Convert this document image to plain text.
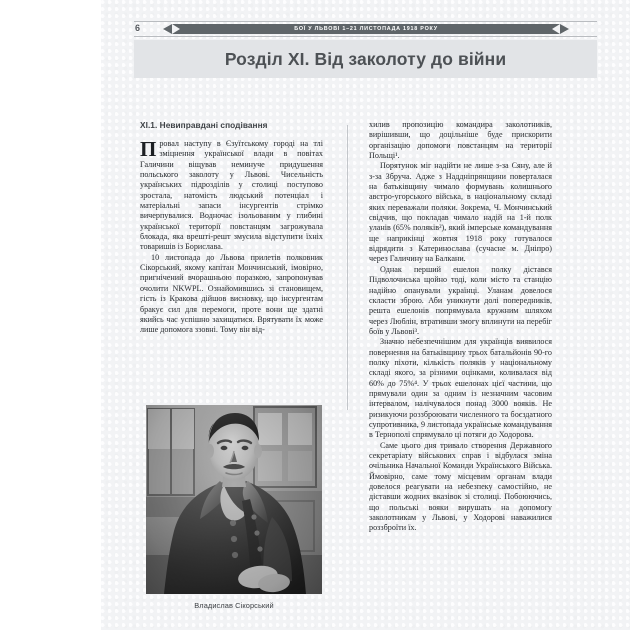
6	БОЇ У ЛЬВОВІ 1–21 ЛИСТОПАДА 1918 РОКУ
Розділ XI. Від заколоту до війни
XI.1. Невиправдані сподівання

Провал наступу в Єзуїтському городі на тлі зміцнення української влади в повітах Галичини віщував неминуче придушення польського заколоту у Львові. Чисельність українських підрозділів у столиці поступово зростала, натомість людський потенціал і матеріальні запаси інсургентів стрімко вичерпувалися. Водночас ізольованим у глибині української території повстанцям загрожувала блокада, яка врешті-решт змусила відступити їхніх товаришів із Борислава.

10 листопада до Львова прилетів полковник Сікорський, якому капітан Мончинський, імовірно, пригнічений вчорашньою поразкою, запропонував очолити NKWPL. Ознайомившись зі становищем, гість із Кракова дійшов висновку, що інсургентам бракує сил для перемоги, проте вони ще здатні якийсь час успішно захищатися. Врятувати їх може лише допомога ззовні. Тому він від-

Владислав Сікорський

хилив пропозицію командира заколотників, вирішивши, що доцільніше буде прискорити організацію допомоги повстанцям на території Польщі¹.

Порятунок міг надійти не лише з-за Сяну, але й з-за Збруча. Адже з Наддніпрянщини поверталася на батьківщину чимало формувань колишнього австро-угорського війська, в національному складі яких переважали поляки. Зокрема, Ч. Мончинський свідчив, що покладав чимало надій на 1-й полк уланів (65% поляків²), який імперське командування ще наприкінці жовтня 1918 року готувалося відрядити з Катеринослава (сучасне м. Дніпро) через Галичину на Балкани.

Однак перший ешелон полку дістався Підволочиська щойно тоді, коли місто та станцію надійно опанували українці. Уланам довелося скласти зброю. Аби уникнути долі попередників, решта ешелонів попрямувала кружним шляхом через Люблін, втративши змогу вплинути на перебіг боїв у Львові³.

Значно небезпечнішим для українців виявилося повернення на батьківщину трьох батальйонів 90-го полку піхоти, кількість поляків у національному складі якого, за різними оцінками, коливалася від 60% до 75%⁴. У трьох ешелонах цієї частини, що прямували один за одним із незначним часовим інтервалом, налічувалося понад 3000 вояків. Не ризикуючи роззброювати численного та боєздатного супротивника, 9 листопада українське командування в Тернополі спрямувало ці потяги до Ходорова.

Саме цього дня тривало створення Державного секретаріату військових справ і відбулася зміна очільника Начальної Команди Українського Війська. Ймовірно, саме тому місцевим органам влади довелося реагувати на небезпеку самостійно, не діставши жодних вказівок зі столиці. Побоюючись, що польські вояки вирушать на допомогу заколотникам у Львові, у Ходорові наважилися роззброїти їх.
